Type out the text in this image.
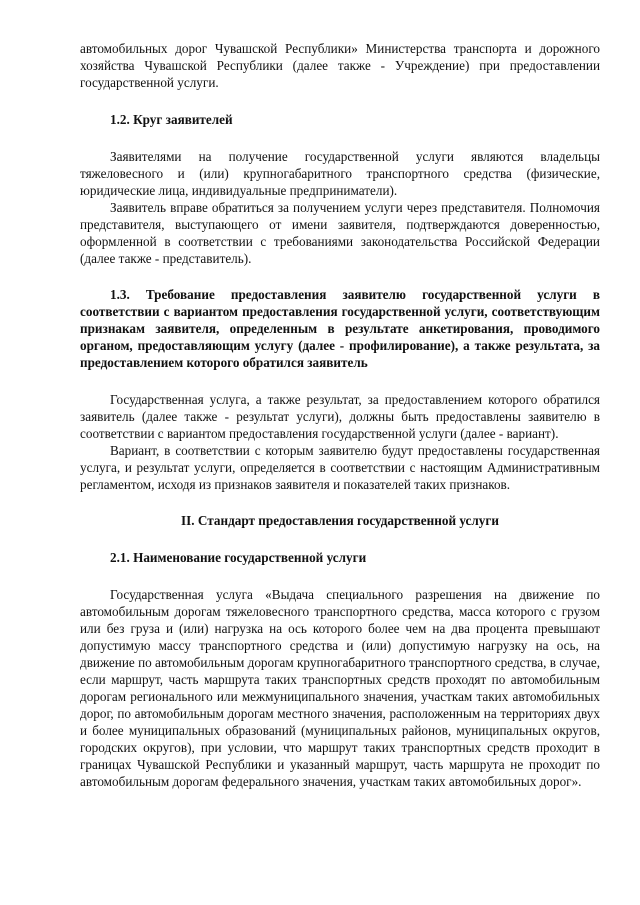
автомобильных дорог Чувашской Республики» Министерства транспорта и дорожного хозяйства Чувашской Республики (далее также - Учреждение) при предоставлении государственной услуги.

1.2. Круг заявителей

Заявителями на получение государственной услуги являются владельцы тяжеловесного и (или) крупногабаритного транспортного средства (физические, юридические лица, индивидуальные предприниматели).

Заявитель вправе обратиться за получением услуги через представителя. Полномочия представителя, выступающего от имени заявителя, подтверждаются доверенностью, оформленной в соответствии с требованиями законодательства Российской Федерации (далее также - представитель).

1.3. Требование предоставления заявителю государственной услуги в соответствии с вариантом предоставления государственной услуги, соответствующим признакам заявителя, определенным в результате анкетирования, проводимого органом, предоставляющим услугу (далее - профилирование), а также результата, за предоставлением которого обратился заявитель

Государственная услуга, а также результат, за предоставлением которого обратился заявитель (далее также - результат услуги), должны быть предоставлены заявителю в соответствии с вариантом предоставления государственной услуги (далее - вариант).

Вариант, в соответствии с которым заявителю будут предоставлены государственная услуга, и результат услуги, определяется в соответствии с настоящим Административным регламентом, исходя из признаков заявителя и показателей таких признаков.

II. Стандарт предоставления государственной услуги

2.1. Наименование государственной услуги

Государственная услуга «Выдача специального разрешения на движение по автомобильным дорогам тяжеловесного транспортного средства, масса которого с грузом или без груза и (или) нагрузка на ось которого более чем на два процента превышают допустимую массу транспортного средства и (или) допустимую нагрузку на ось, на движение по автомобильным дорогам крупногабаритного транспортного средства, в случае, если маршрут, часть маршрута таких транспортных средств проходят по автомобильным дорогам регионального или межмуниципального значения, участкам таких автомобильных дорог, по автомобильным дорогам местного значения, расположенным на территориях двух и более муниципальных образований (муниципальных районов, муниципальных округов, городских округов), при условии, что маршрут таких транспортных средств проходит в границах Чувашской Республики и указанный маршрут, часть маршрута не проходит по автомобильным дорогам федерального значения, участкам таких автомобильных дорог».
